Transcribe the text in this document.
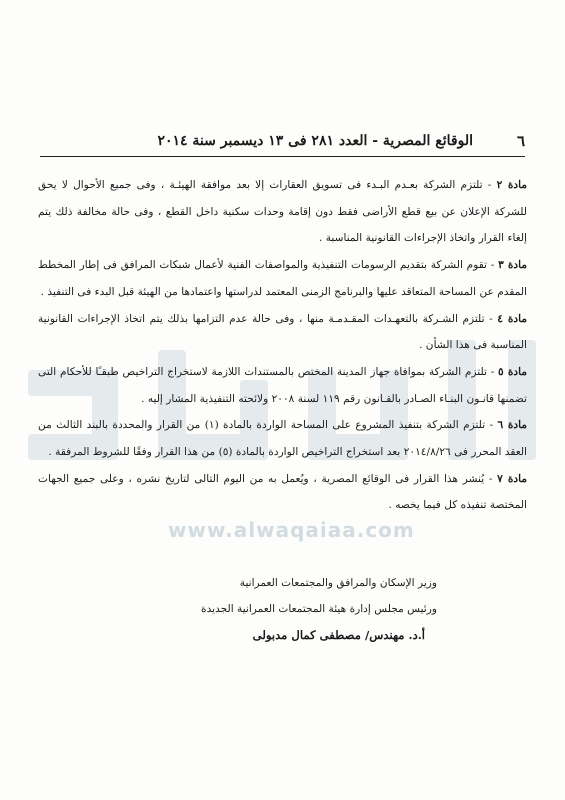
٦
الوقائع المصرية - العدد ٢٨١ فى ١٣ ديسمبر سنة ٢٠١٤
www.alwaqaiaa.com

مادة ٢ - تلتزم الشركة بعـدم البـدء فى تسويق العقارات إلا بعد موافقة الهيئـة ، وفى جميع الأحوال لا يحق للشركة الإعلان عن بيع قطع الأراضى فقط دون إقامة وحدات سكنية داخل القطع ، وفى حالة مخالفة ذلك يتم إلغاء القرار واتخاذ الإجراءات القانونية المناسبة .

مادة ٣ - تقوم الشركة بتقديم الرسومات التنفيذية والمواصفات الفنية لأعمال شبكات المرافق فى إطار المخطط المقدم عن المساحة المتعاقد عليها والبرنامج الزمنى المعتمد لدراستها واعتمادها من الهيئة قبل البدء فى التنفيذ .

مادة ٤ - تلتزم الشـركة بالتعهـدات المقـدمـة منها ، وفى حالة عدم التزامها بذلك يتم اتخاذ الإجراءات القانونية المناسبة فى هذا الشأن .

مادة ٥ - تلتزم الشركة بموافاة جهاز المدينة المختص بالمستندات اللازمة لاستخراج التراخيص طبقـًا للأحكام التى تضمنها قانـون البنـاء الصـادر بالقـانون رقم ١١٩ لسنة ٢٠٠٨ ولائحته التنفيذية المشار إليه .

مادة ٦ - تلتزم الشركة بتنفيذ المشروع على المساحة الواردة بالمادة (١) من القرار والمحددة بالبند الثالث من العقد المحرر فى ٢٠١٤/٨/٢٦ بعد استخراج التراخيص الواردة بالمادة (٥) من هذا القرار وفقًا للشروط المرفقة .

مادة ٧ - يُنشر هذا القرار فى الوقائع المصرية ، ويُعمل به من اليوم التالى لتاريخ نشره ، وعلى جميع الجهات المختصة تنفيذه كل فيما يخصه .

وزير الإسكان والمرافق والمجتمعات العمرانية
ورئيس مجلس إدارة هيئة المجتمعات العمرانية الجديدة
أ.د. مهندس/ مصطفى كمال مدبولى
